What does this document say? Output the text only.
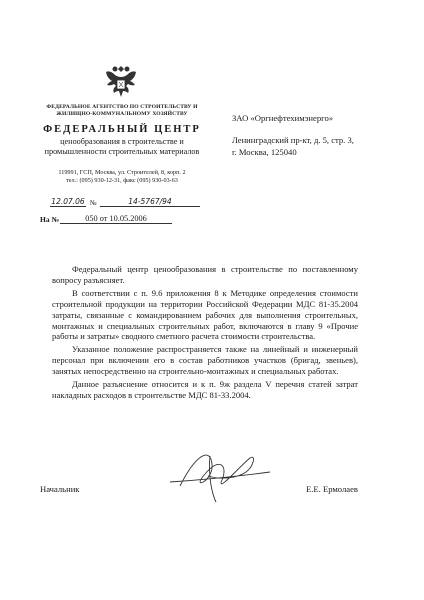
ФЕДЕРАЛЬНОЕ АГЕНТСТВО ПО СТРОИТЕЛЬСТВУ И ЖИЛИЩНО-КОММУНАЛЬНОМУ ХОЗЯЙСТВУ
ФЕДЕРАЛЬНЫЙ ЦЕНТР
ценообразования в строительстве и промышленности строительных материалов
119991, ГСП, Москва, ул. Строителей, 8, корп. 2
тел.: (095) 930-12-31, факс (095) 930-03-63
12.07.06 №	14-5767/94
На №	050 от 10.05.2006
ЗАО «Оргнефтехимэнерго»
Ленинградский пр-кт, д. 5, стр. 3,
г. Москва, 125040

Федеральный центр ценообразования в строительстве по поставленному вопросу разъясняет.

В соответствии с п. 9.6 приложения 8 к Методике определения стоимости строительной продукции на территории Российской Федерации МДС 81-35.2004 затраты, связанные с командированием рабочих для выполнения строительных, монтажных и специальных строительных работ, включаются в главу 9 «Прочие работы и затраты» сводного сметного расчета стоимости строительства.

Указанное положение распространяется также на линейный и инженерный персонал при включении его в состав работников участков (бригад, звеньев), занятых непосредственно на строительно-монтажных и специальных работах.

Данное разъяснение относится и к п. 9ж раздела V перечня статей затрат накладных расходов в строительстве МДС 81-33.2004.

Начальник	Е.Е. Ермолаев
